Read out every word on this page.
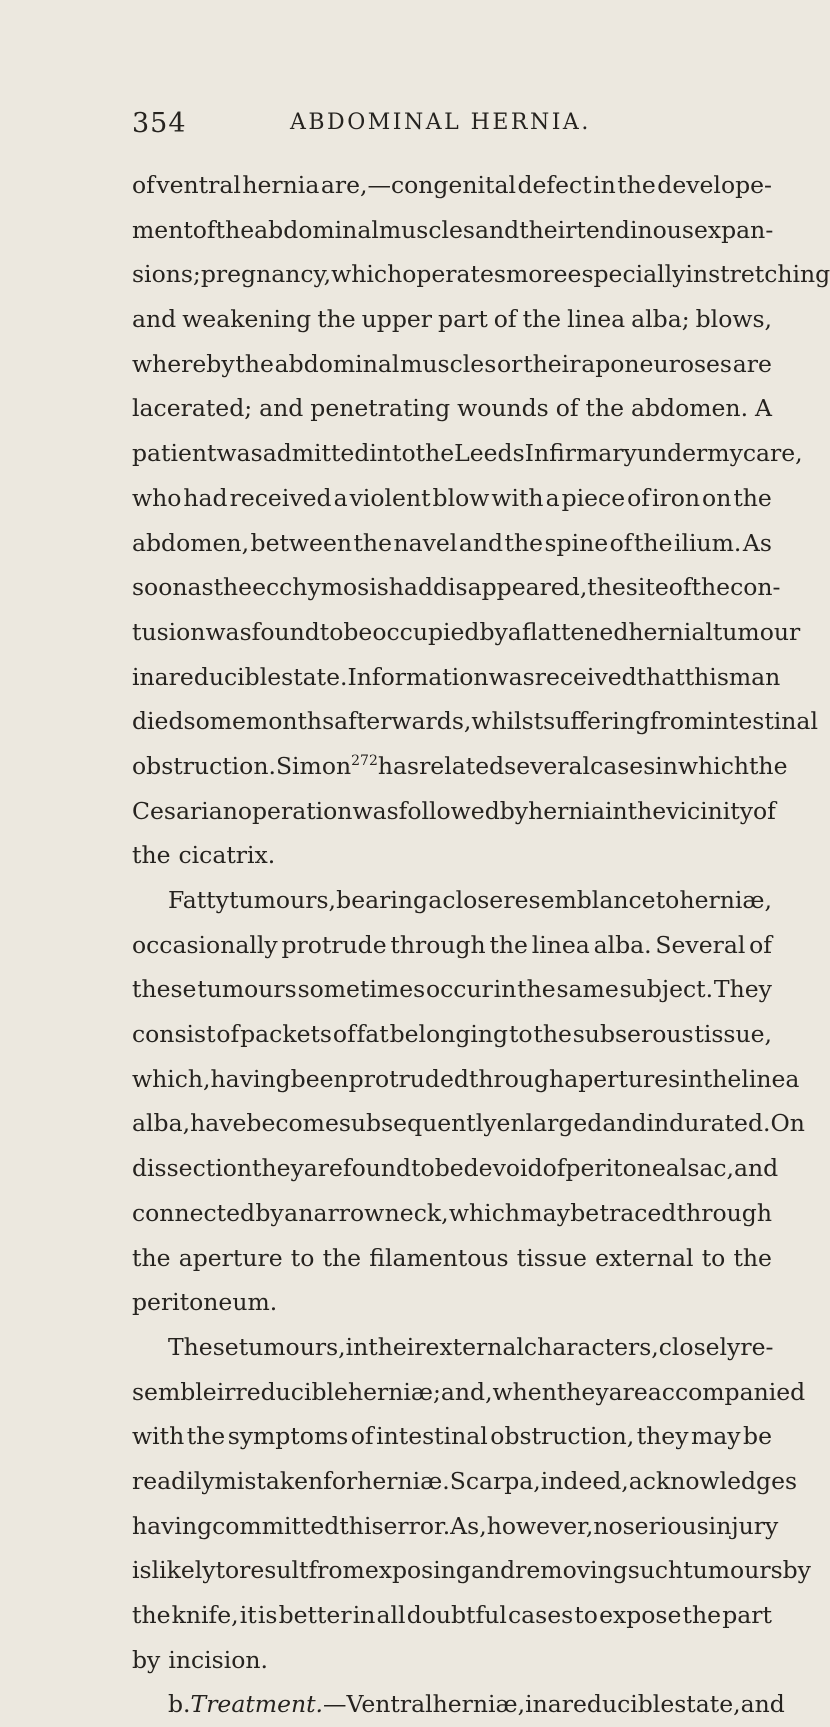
354	ABDOMINAL HERNIA.
of ventral hernia are,—congenital defect in the develope-
ment of the abdominal muscles and their tendinous expan-
sions; pregnancy, which operates more especially in stretching
and weakening the upper part of the linea alba; blows,
whereby the abdominal muscles or their aponeuroses are
lacerated; and penetrating wounds of the abdomen. A
patient was admitted into the Leeds Infirmary under my care,
who had received a violent blow with a piece of iron on the
abdomen, between the navel and the spine of the ilium. As
soon as the ecchymosis had disappeared, the site of the con-
tusion was found to be occupied by a flattened hernial tumour
in a reducible state. Information was received that this man
died some months afterwards, whilst suffering from intestinal
obstruction. Simon $^{272}$ has related several cases in which the
Cesarian operation was followed by hernia in the vicinity of
the cicatrix.
Fatty tumours, bearing a close resemblance to herniæ,
occasionally protrude through the linea alba. Several of
these tumours sometimes occur in the same subject. They
consist of packets of fat belonging to the subserous tissue,
which, having been protruded through apertures in the linea
alba, have become subsequently enlarged and indurated. On
dissection they are found to be devoid of peritoneal sac, and
connected by a narrow neck, which may be traced through
the aperture to the filamentous tissue external to the
peritoneum.
These tumours, in their external characters, closely re-
semble irreducible herniæ; and, when they are accompanied
with the symptoms of intestinal obstruction, they may be
readily mistaken for herniæ. Scarpa, indeed, acknowledges
having committed this error. As, however, no serious injury
is likely to result from exposing and removing such tumours by
the knife, it is better in all doubtful cases to expose the part
by incision.
b. Treatment.—Ventral herniæ, in a reducible state, and
